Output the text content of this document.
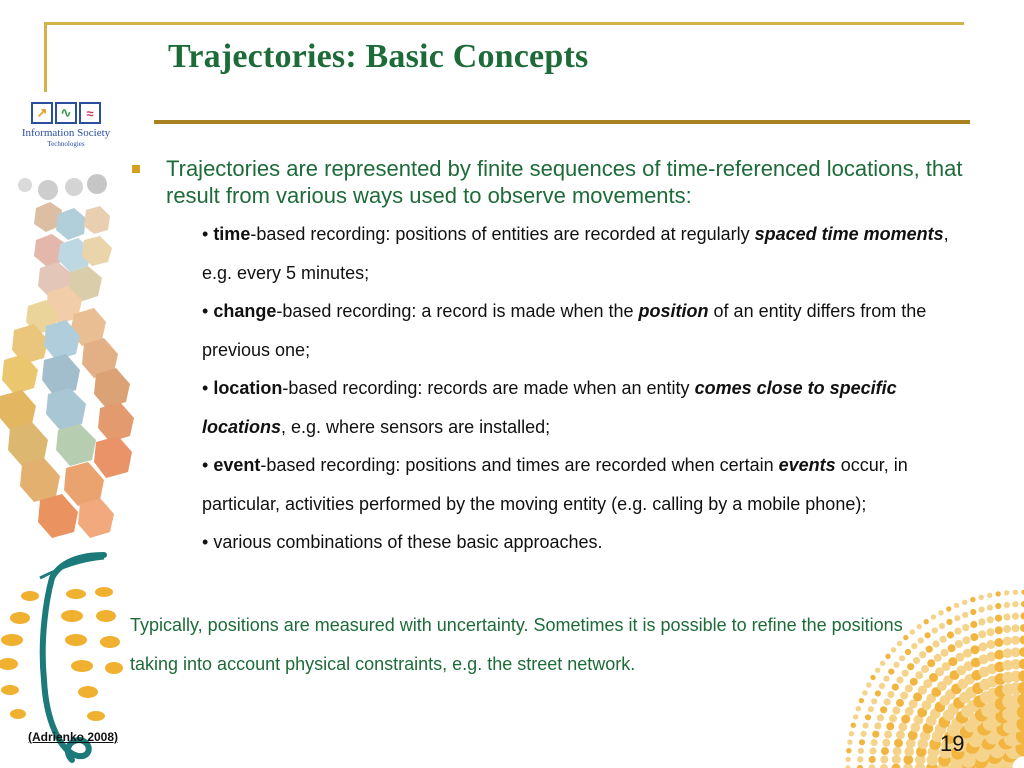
Trajectories: Basic Concepts
↗	∿	≈
Information Society
Technologies

Trajectories are represented by finite sequences of time-referenced locations, that result from various ways used to observe movements:

• time-based recording: positions of entities are recorded at regularly spaced time moments, e.g. every 5 minutes;
• change-based recording: a record is made when the position of an entity differs from the previous one;
• location-based recording: records are made when an entity comes close to specific locations, e.g. where sensors are installed;
• event-based recording: positions and times are recorded when certain events occur, in particular, activities performed by the moving entity (e.g. calling by a mobile phone);
• various combinations of these basic approaches.

Typically, positions are measured with uncertainty. Sometimes it is possible to refine the positions taking into account physical constraints, e.g. the street network.

(Adrienko 2008)	19
